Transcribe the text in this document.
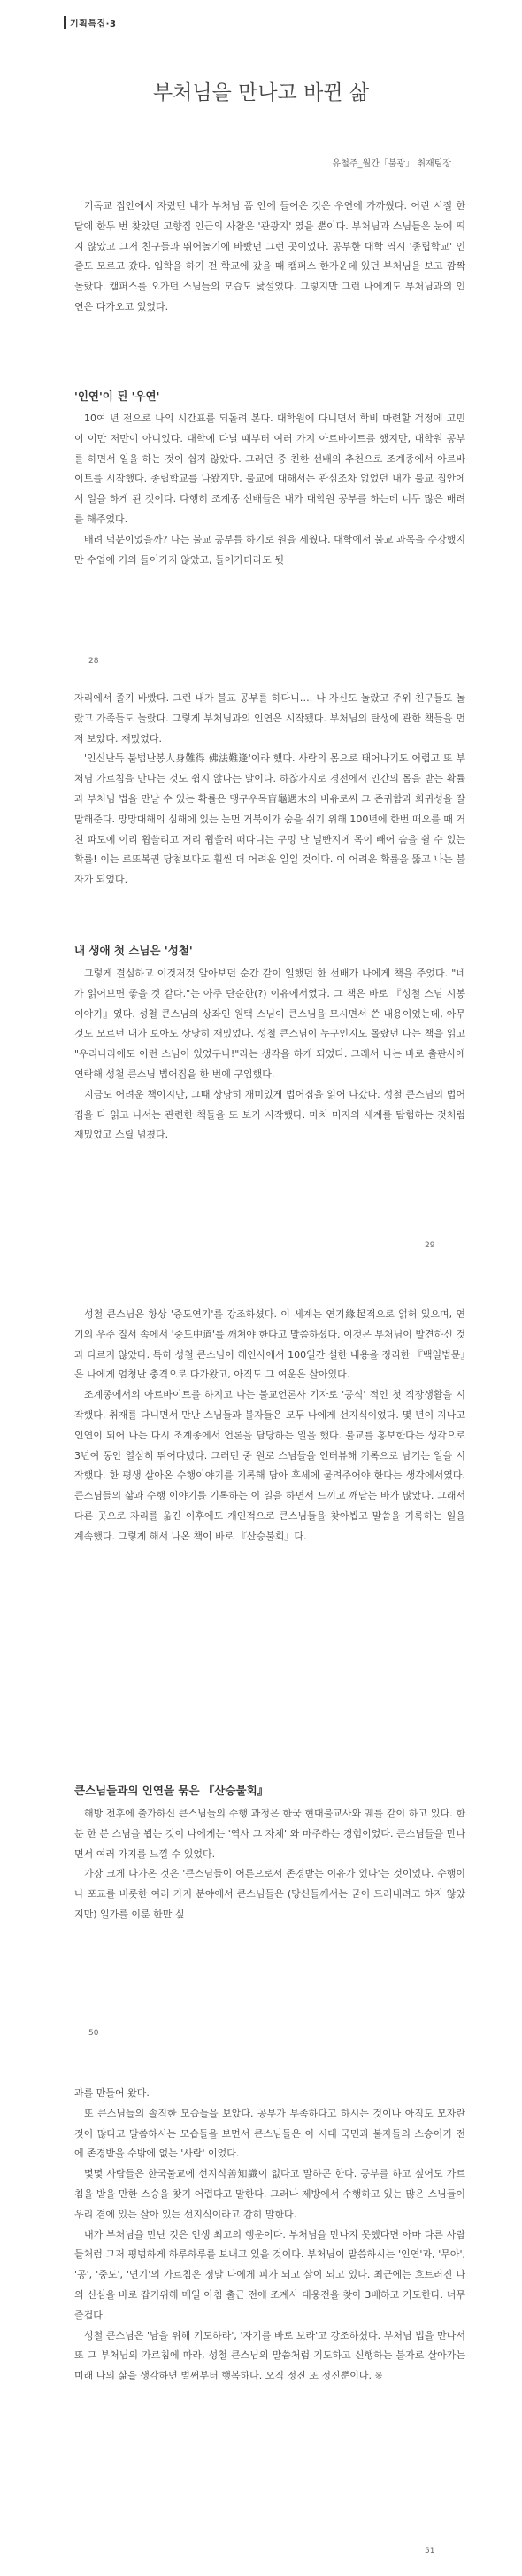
기획특집·3
부처님을 만나고 바뀐 삶
유철주_월간「불광」 취재팀장

기독교 집안에서 자랐던 내가 부처님 품 안에 들어온 것은 우연에 가까웠다. 어린 시절 한 달에 한두 번 찾았던 고향집 인근의 사찰은 '관광지' 였을 뿐이다. 부처님과 스님들은 눈에 띄지 않았고 그저 친구들과 뛰어놀기에 바빴던 그런 곳이었다. 공부한 대학 역시 '종립학교' 인 줄도 모르고 갔다. 입학을 하기 전 학교에 갔을 때 캠퍼스 한가운데 있던 부처님을 보고 깜짝 놀랐다. 캠퍼스를 오가던 스님들의 모습도 낯설었다. 그렇지만 그런 나에게도 부처님과의 인연은 다가오고 있었다.

'인연'이 된 '우연'

10여 년 전으로 나의 시간표를 되돌려 본다. 대학원에 다니면서 학비 마련할 걱정에 고민이 이만 저만이 아니었다. 대학에 다닐 때부터 여러 가지 아르바이트를 했지만, 대학원 공부를 하면서 일을 하는 것이 쉽지 않았다. 그러던 중 친한 선배의 추천으로 조계종에서 아르바이트를 시작했다. 종립학교를 나왔지만, 불교에 대해서는 관심조차 없었던 내가 불교 집안에 서 일을 하게 된 것이다. 다행히 조계종 선배들은 내가 대학원 공부를 하는데 너무 많은 배려를 해주었다.

배려 덕분이었을까? 나는 불교 공부를 하기로 원을 세웠다. 대학에서 불교 과목을 수강했지만 수업에 거의 들어가지 않았고, 들어가더라도 뒷

28

자리에서 졸기 바빴다. 그런 내가 불교 공부를 하다니…. 나 자신도 놀랐고 주위 친구들도 놀랐고 가족들도 놀랐다. 그렇게 부처님과의 인연은 시작됐다. 부처님의 탄생에 관한 책들을 먼저 보았다. 재밌었다.

'인신난득 불법난봉人身難得 佛法難逢'이라 했다. 사람의 몸으로 태어나기도 어렵고 또 부처님 가르침을 만나는 것도 쉽지 않다는 말이다. 하찮가지로 경전에서 인간의 몸을 받는 확률과 부처님 법을 만날 수 있는 확률은 맹구우목盲龜遇木의 비유로써 그 존귀함과 희귀성을 잘 말해준다. 망망대해의 심해에 있는 눈먼 거북이가 숨을 쉬기 위해 100년에 한번 떠오를 때 거친 파도에 이리 휩쓸리고 저리 휩쓸려 떠다니는 구멍 난 널빤지에 목이 빼어 숨을 쉴 수 있는 확률! 이는 로또복권 당첨보다도 훨씬 더 어려운 일일 것이다. 이 어려운 확률을 뚫고 나는 불자가 되었다.

내 생애 첫 스님은 '성철'

그렇게 결심하고 이것저것 알아보던 순간 같이 일했던 한 선배가 나에게 책을 주었다. "네가 읽어보면 좋을 것 같다."는 아주 단순한(?) 이유에서였다. 그 책은 바로 『성철 스님 시봉이야기』였다. 성철 큰스님의 상좌인 원택 스님이 큰스님을 모시면서 쓴 내용이었는데, 아무것도 모르던 내가 보아도 상당히 재밌었다. 성철 큰스님이 누구인지도 몰랐던 나는 책을 읽고 "우리나라에도 이런 스님이 있었구나!"라는 생각을 하게 되었다. 그래서 나는 바로 출판사에 연락해 성철 큰스님 법어집을 한 번에 구입했다.

지금도 어려운 책이지만, 그때 상당히 재미있게 법어집을 읽어 나갔다. 성철 큰스님의 법어집을 다 읽고 나서는 관련한 책들을 또 보기 시작했다. 마치 미지의 세계를 탐험하는 것처럼 재밌었고 스릴 넘쳤다.

29

성철 큰스님은 항상 '중도연기'를 강조하셨다. 이 세계는 연기緣起적으로 얽혀 있으며, 연기의 우주 질서 속에서 '중도中道'를 깨쳐야 한다고 말씀하셨다. 이것은 부처님이 발견하신 것과 다르지 않았다. 특히 성철 큰스님이 해인사에서 100일간 설한 내용을 정리한 『백일법문』은 나에게 엄청난 충격으로 다가왔고, 아직도 그 여운은 살아있다.

조계종에서의 아르바이트를 하지고 나는 불교언론사 기자로 '공식' 적인 첫 직장생활을 시작했다. 취재를 다니면서 만난 스님들과 불자들은 모두 나에게 선지식이었다. 몇 년이 지나고 인연이 되어 나는 다시 조계종에서 언론을 담당하는 일을 했다. 불교를 홍보한다는 생각으로 3년여 동안 열심히 뛰어다녔다. 그러던 중 원로 스님들을 인터뷰해 기록으로 남기는 일을 시작했다. 한 평생 살아온 수행이야기를 기록해 담아 후세에 물려주어야 한다는 생각에서였다. 큰스님들의 삶과 수행 이야기를 기록하는 이 일을 하면서 느끼고 깨닫는 바가 많았다. 그래서 다른 곳으로 자리를 옮긴 이후에도 개인적으로 큰스님들을 찾아뵙고 말씀을 기록하는 일을 계속했다. 그렇게 해서 나온 책이 바로 『산승불회』다.

큰스님들과의 인연을 묶은 『산승불회』

해방 전후에 출가하신 큰스님들의 수행 과정은 한국 현대불교사와 궤를 같이 하고 있다. 한 분 한 분 스님을 뵙는 것이 나에게는 '역사 그 자체' 와 마주하는 경험이었다. 큰스님들을 만나면서 여러 가지를 느낄 수 있었다.

가장 크게 다가온 것은 '큰스님들이 어른으로서 존경받는 이유가 있다'는 것이었다. 수행이나 포교를 비롯한 여러 가지 분야에서 큰스님들은 (당신들께서는 굳이 드러내려고 하지 않았지만) 일가를 이룬 한만 싶

50

과를 만들어 왔다.

또 큰스님들의 솔직한 모습들을 보았다. 공부가 부족하다고 하시는 것이나 아직도 모자란 것이 많다고 말씀하시는 모습들을 보면서 큰스님들은 이 시대 국민과 불자들의 스승이기 전에 존경받을 수밖에 없는 '사람' 이었다.

몇몇 사람들은 한국불교에 선지식善知識이 없다고 말하곤 한다. 공부를 하고 싶어도 가르침을 받을 만한 스승을 찾기 어렵다고 말한다. 그러나 제방에서 수행하고 있는 많은 스님들이 우리 곁에 있는 살아 있는 선지식이라고 감히 말한다.

내가 부처님을 만난 것은 인생 최고의 행운이다. 부처님을 만나지 못했다면 아마 다른 사람들처럼 그저 평범하게 하루하루를 보내고 있을 것이다. 부처님이 말씀하시는 '인연'과, '무아', '공', '중도', '연기'의 가르침은 정말 나에게 피가 되고 살이 되고 있다. 최근에는 흐트러진 나의 신심을 바로 잡기위해 매일 아침 출근 전에 조계사 대웅전을 찾아 3배하고 기도한다. 너무 즐겁다.

성철 큰스님은 '남을 위해 기도하라', '자기를 바로 보라'고 강조하셨다. 부처님 법을 만나서 또 그 부처님의 가르침에 따라, 성철 큰스님의 말씀처럼 기도하고 신행하는 불자로 살아가는 미래 나의 삶을 생각하면 벌써부터 행복하다. 오직 정진 또 정진뿐이다. ※

51
